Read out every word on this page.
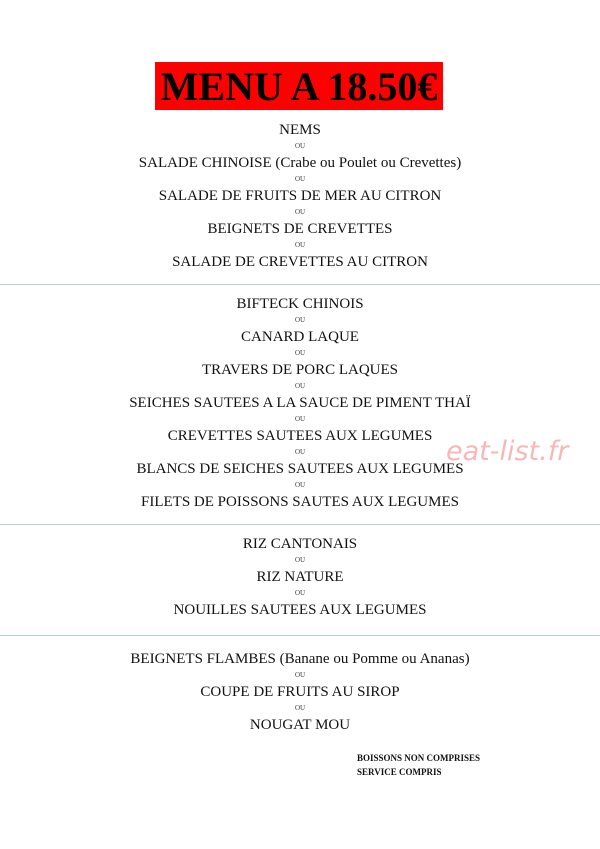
MENU A 18.50€
NEMS
OU
SALADE CHINOISE (Crabe ou Poulet ou Crevettes)
OU
SALADE DE FRUITS DE MER AU CITRON
OU
BEIGNETS DE CREVETTES
OU
SALADE DE CREVETTES AU CITRON
BIFTECK CHINOIS
OU
CANARD LAQUE
OU
TRAVERS DE PORC LAQUES
OU
SEICHES SAUTEES A LA SAUCE DE PIMENT THAÏ
OU
CREVETTES SAUTEES AUX LEGUMES
OU
BLANCS DE SEICHES SAUTEES AUX LEGUMES
OU
FILETS DE POISSONS SAUTES AUX LEGUMES
RIZ CANTONAIS
OU
RIZ NATURE
OU
NOUILLES SAUTEES AUX LEGUMES
BEIGNETS FLAMBES (Banane ou Pomme ou Ananas)
OU
COUPE DE FRUITS AU SIROP
OU
NOUGAT MOU
BOISSONS NON COMPRISES
SERVICE COMPRIS
eat-list.fr
